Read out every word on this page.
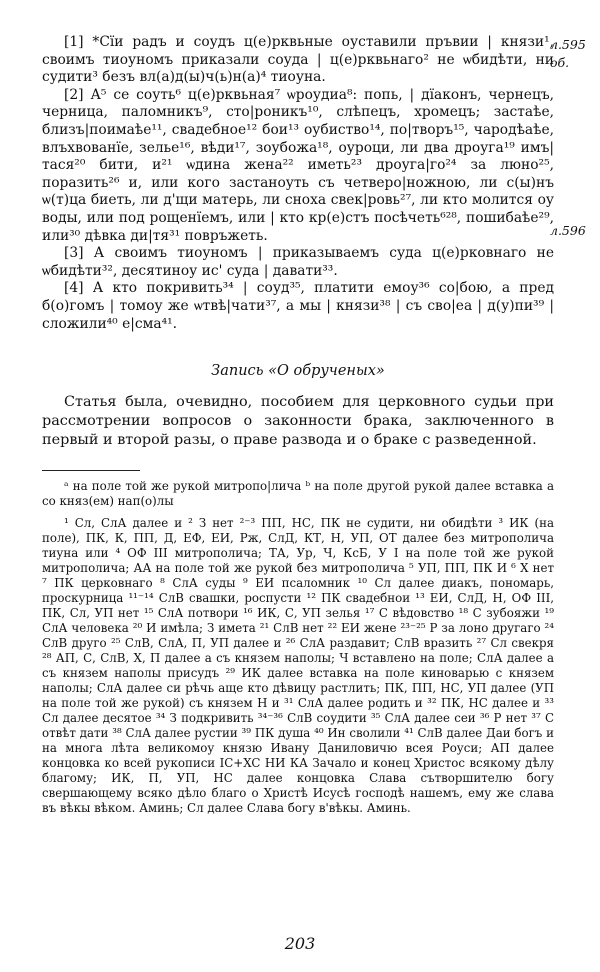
л.595
об.
л.596

[1] *Сїи радъ и соудъ ц(е)рквьные оуставили пръвии | князи¹, своимъ тиоуномъ приказали соуда | ц(е)рквьнаго² не ѡбидѣти, ни судити³ безъ вл(а)д(ы)ч(ь)н(а)⁴ тиоуна.

[2] А⁵ се соуть⁶ ц(е)рквьная⁷ ѡроудиа⁸: попь, | дїаконъ, чернецъ, черница, паломникъ⁹, сто|роникъ¹⁰, слѣпецъ, хромецъ; застаѣе, близъ|поимаѣе¹¹, свадебное¹² бои¹³ оубиство¹⁴, по|творъ¹⁵, чародѣаѣе, влъхвованїе, зелье¹⁶, вѣди¹⁷, зоубожа¹⁸, оуроци, ли два дроуга¹⁹ имъ|тася²⁰ бити, и²¹ ѡдина жена²² иметь²³ дроуга|го²⁴ за люно²⁵, поразить²⁶ и, или кого застаноуть съ четверо|ножною, ли с(ы)нъ ѡ(т)ца биеть, ли д'щи матерь, ли сноха свек|ровь²⁷, ли кто молится оу воды, или под рощенїемъ, или | кто кр(е)стъ посѣчеть⁶²⁸, пошибаѣе²⁹, или³⁰ дѣвка ди|тя³¹ повръжеть.

[3] А своимъ тиоуномъ | приказываемъ суда ц(е)рковнаго не ѡбидѣти³², десятиноу ис' суда | давати³³.

[4] А кто покривить³⁴ | соуд³⁵, платити емоу³⁶ со|бою, а пред б(о)гомъ | томоу же ѡтвѣ|чати³⁷, а мы | князи³⁸ | съ сво|еа | д(у)пи³⁹ | сложили⁴⁰ е|сма⁴¹.

Запись «О обрученых»

Статья была, очевидно, пособием для церковного судьи при рассмотрении вопросов о законности брака, заключенного в первый и второй разы, о праве развода и о браке с разведенной.

ᵃ на поле той же рукой митропо|лича ᵇ на поле другой рукой далее вставка а со княз(ем) нап(о)лы

¹ Сл, СлА далее и ² З нет ²⁻³ ПП, НС, ПК не судити, ни обидѣти ³ ИК (на поле), ПК, К, ПП, Д, ЕФ, ЕИ, Рж, СлД, КТ, Н, УП, ОТ далее без митрополича тиуна или ⁴ ОФ III митрополича; ТА, Ур, Ч, КсБ, У I на поле той же рукой митрополича; АА на поле той же рукой без митрополича ⁵ УП, ПП, ПК И ⁶ Х нет ⁷ ПК церковнаго ⁸ СлА суды ⁹ ЕИ псаломник ¹⁰ Сл далее диакъ, пономарь, проскурница ¹¹⁻¹⁴ СлВ свашки, роспусти ¹² ПК свадебнои ¹³ ЕИ, СлД, Н, ОФ III, ПК, Сл, УП нет ¹⁵ СлА потвори ¹⁶ ИК, С, УП зелья ¹⁷ С вѣдовство ¹⁸ С зубояжи ¹⁹ СлА человека ²⁰ И имѣла; З имета ²¹ СлВ нет ²² ЕИ жене ²³⁻²⁵ Р за лоно другаго ²⁴ СлВ друго ²⁵ СлВ, СлА, П, УП далее и ²⁶ СлА раздавит; СлВ вразить ²⁷ Сл свекря ²⁸ АП, С, СлВ, Х, П далее а съ князем наполы; Ч вставлено на поле; СлА далее а съ князем наполы присудъ ²⁹ ИК далее вставка на поле киноварью с князем наполы; СлА далее си рѣчь аще кто дѣвицу растлить; ПК, ПП, НС, УП далее (УП на поле той же рукой) съ князем Н и ³¹ СлА далее родить и ³² ПК, НС далее и ³³ Сл далее десятое ³⁴ З подкривить ³⁴⁻³⁶ СлВ соудити ³⁵ СлА далее сеи ³⁶ Р нет ³⁷ С отвѣт дати ³⁸ СлА далее рустии ³⁹ ПК душа ⁴⁰ Ин сволили ⁴¹ СлВ далее Даи богъ и на многа лѣта великомоу князю Ивану Даниловичю всея Роуси; АП далее концовка ко всей рукописи IC+XC НИ КА Зачало и конец Христос всякому дѣлу благому; ИК, П, УП, НС далее концовка Слава сътворшителю богу свершающему всяко дѣло благо о Христѣ Исусѣ господѣ нашемъ, ему же слава въ вѣкы вѣком. Аминь; Сл далее Слава богу в'вѣкы. Аминь.

203
